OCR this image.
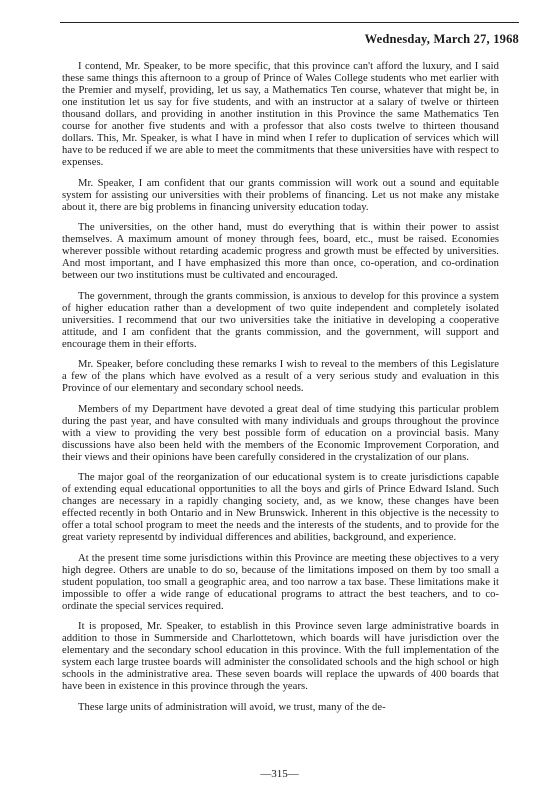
Wednesday, March 27, 1968

I contend, Mr. Speaker, to be more specific, that this province can't afford the luxury, and I said these same things this afternoon to a group of Prince of Wales College students who met earlier with the Premier and myself, providing, let us say, a Mathematics Ten course, whatever that might be, in one institution let us say for five students, and with an instructor at a salary of twelve or thirteen thousand dollars, and providing in another institution in this Province the same Mathematics Ten course for another five students and with a professor that also costs twelve to thirteen thousand dollars. This, Mr. Speaker, is what I have in mind when I refer to duplication of services which will have to be reduced if we are able to meet the commitments that these universities have with respect to expenses.

Mr. Speaker, I am confident that our grants commission will work out a sound and equitable system for assisting our universities with their problems of financing. Let us not make any mistake about it, there are big problems in financing university education today.

The universities, on the other hand, must do everything that is within their power to assist themselves. A maximum amount of money through fees, board, etc., must be raised. Economies wherever possible without retarding academic progress and growth must be effected by universities. And most important, and I have emphasized this more than once, co-operation, and co-ordination between our two institutions must be cultivated and encouraged.

The government, through the grants commission, is anxious to develop for this province a system of higher education rather than a development of two quite independent and completely isolated universities. I recommend that our two universities take the initiative in developing a cooperative attitude, and I am confident that the grants commission, and the government, will support and encourage them in their efforts.

Mr. Speaker, before concluding these remarks I wish to reveal to the members of this Legislature a few of the plans which have evolved as a result of a very serious study and evaluation in this Province of our elementary and secondary school needs.

Members of my Department have devoted a great deal of time studying this particular problem during the past year, and have consulted with many individuals and groups throughout the province with a view to providing the very best possible form of education on a provincial basis. Many discussions have also been held with the members of the Economic Improvement Corporation, and their views and their opinions have been carefully considered in the crystalization of our plans.

The major goal of the reorganization of our educational system is to create jurisdictions capable of extending equal educational opportunities to all the boys and girls of Prince Edward Island. Such changes are necessary in a rapidly changing society, and, as we know, these changes have been effected recently in both Ontario and in New Brunswick. Inherent in this objective is the necessity to offer a total school program to meet the needs and the interests of the students, and to provide for the great variety representd by individual differences and abilities, background, and experience.

At the present time some jurisdictions within this Province are meeting these objectives to a very high degree. Others are unable to do so, because of the limitations imposed on them by too small a student population, too small a geographic area, and too narrow a tax base. These limitations make it impossible to offer a wide range of educational programs to attract the best teachers, and to co-ordinate the special services required.

It is proposed, Mr. Speaker, to establish in this Province seven large administrative boards in addition to those in Summerside and Charlottetown, which boards will have jurisdiction over the elementary and the secondary school education in this province. With the full implementation of the system each large trustee boards will administer the consolidated schools and the high school or high schools in the administrative area. These seven boards will replace the upwards of 400 boards that have been in existence in this province through the years.

These large units of administration will avoid, we trust, many of the de-

—315—
